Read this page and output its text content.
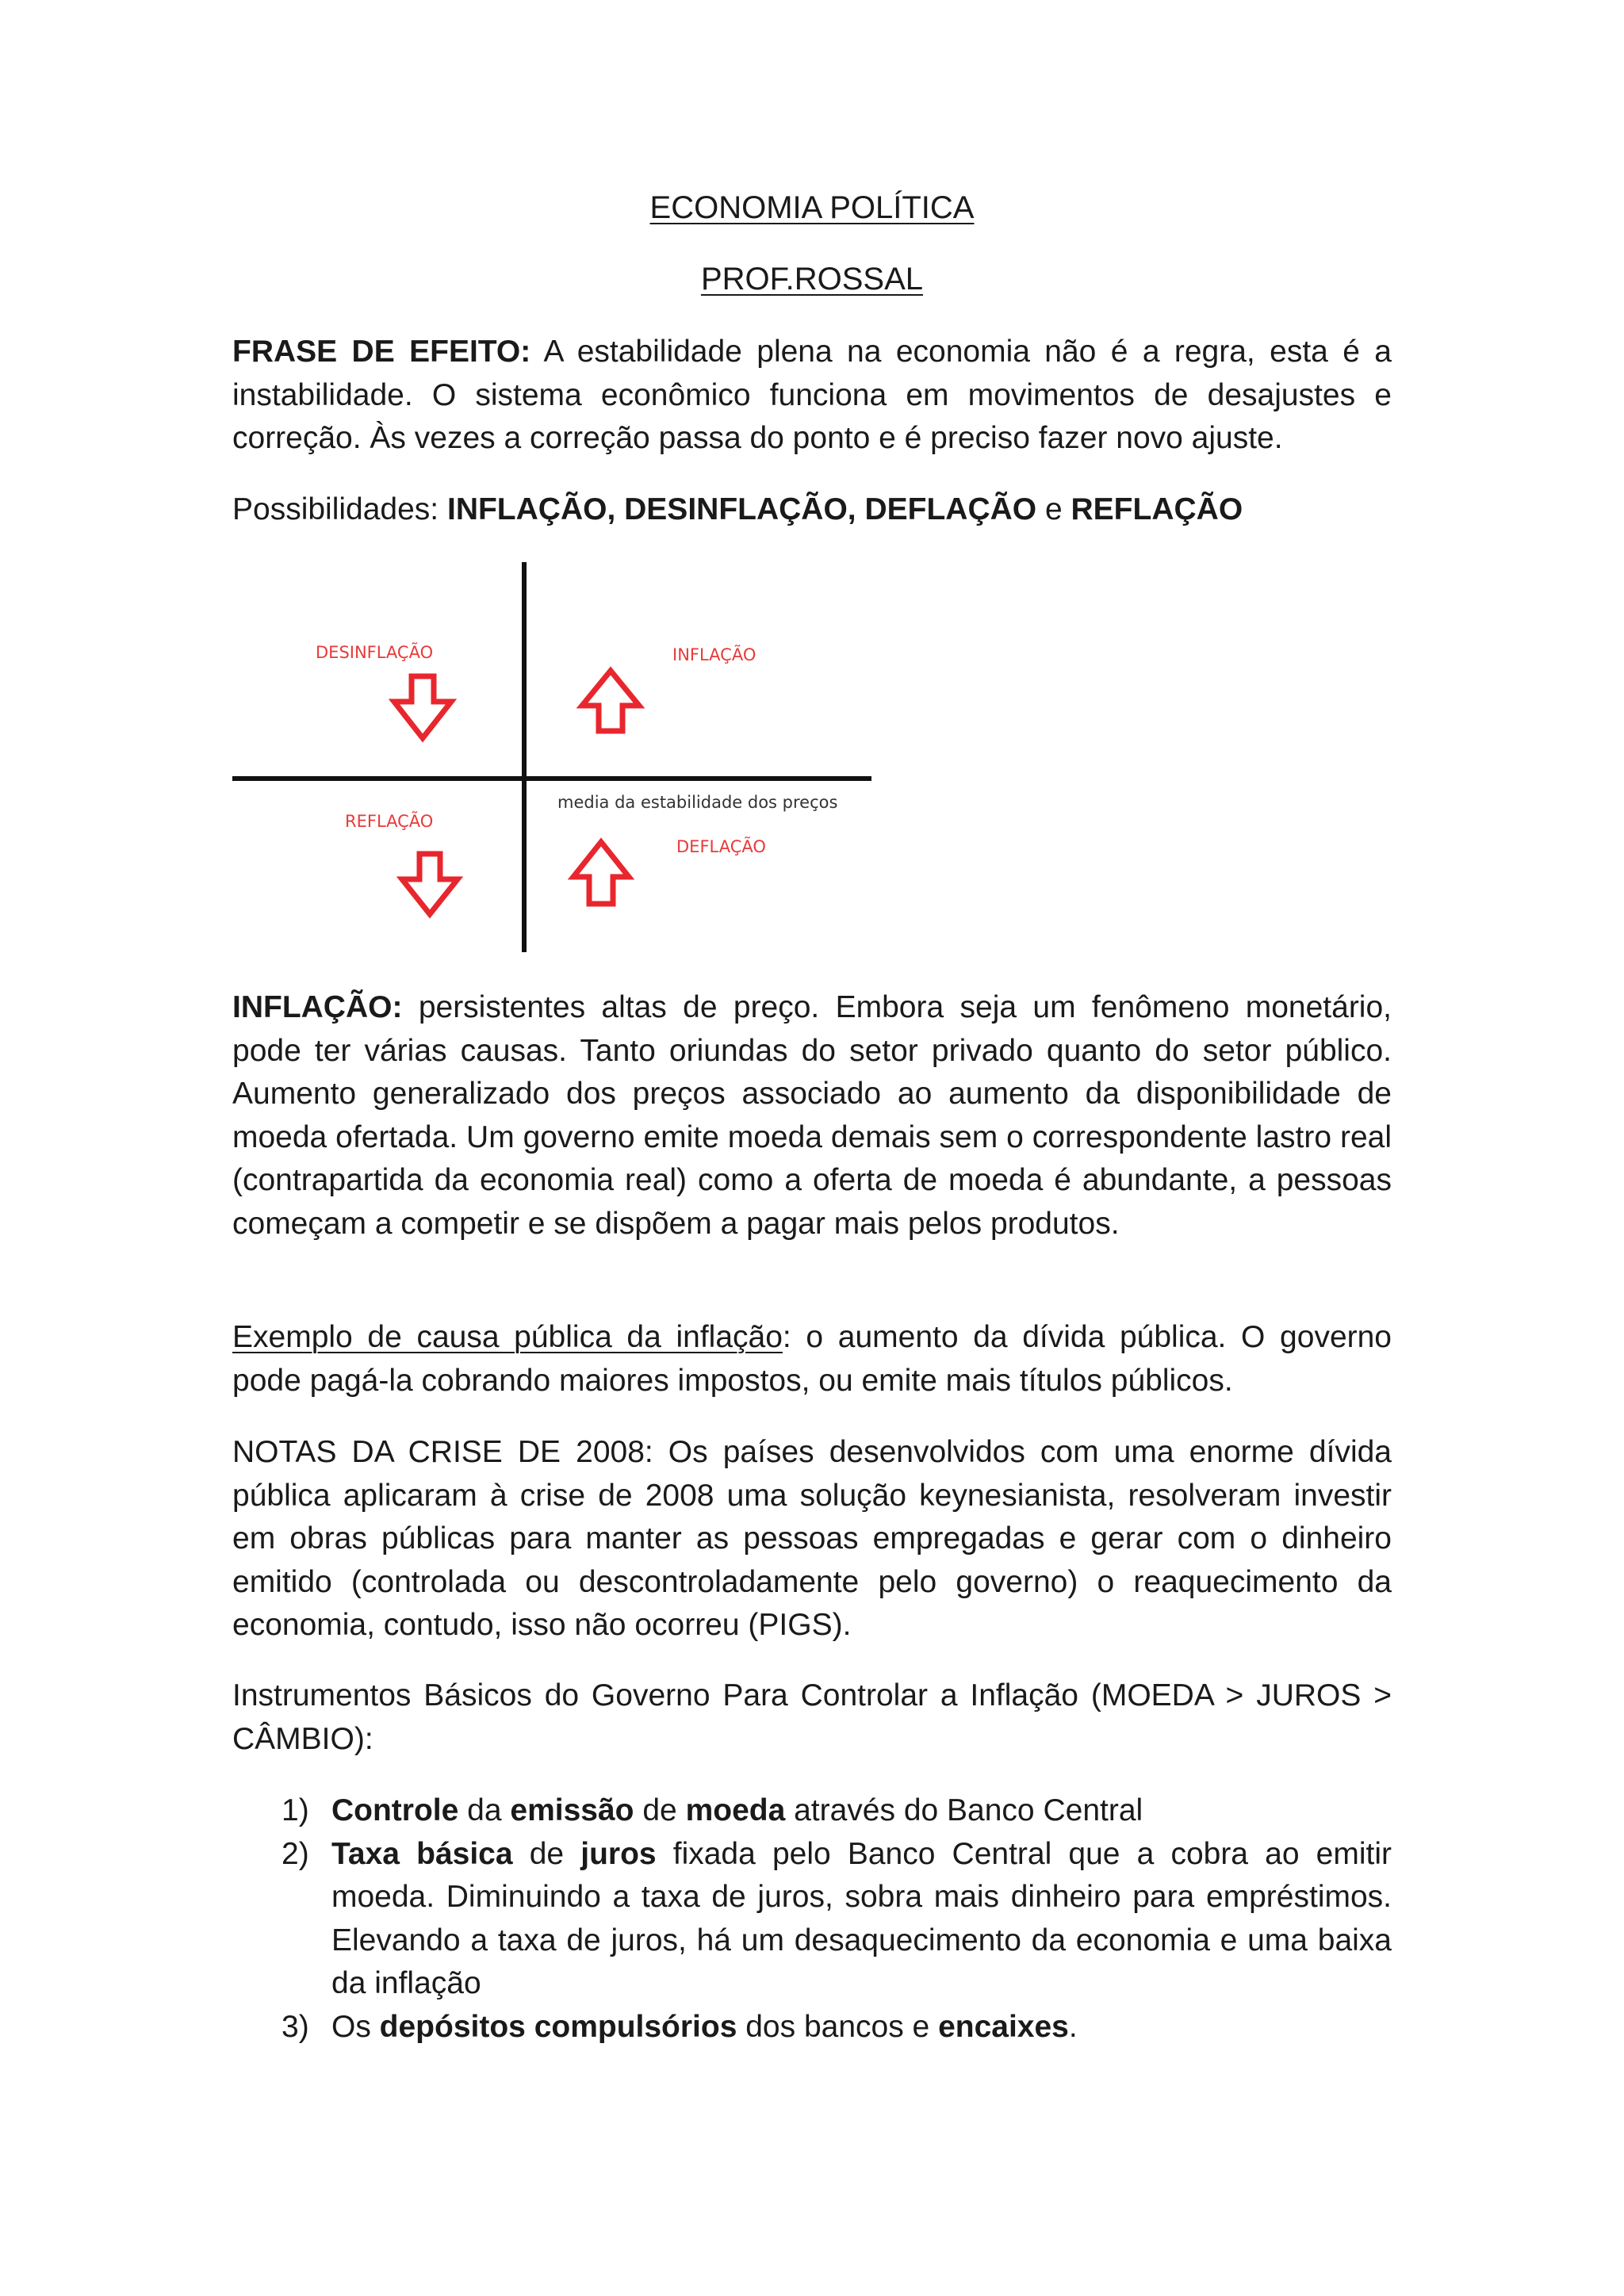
ECONOMIA POLÍTICA
PROF.ROSSAL

FRASE DE EFEITO: A estabilidade plena na economia não é a regra, esta é a instabilidade. O sistema econômico funciona em movimentos de desajustes e correção. Às vezes a correção passa do ponto e é preciso fazer novo ajuste.

Possibilidades: INFLAÇÃO, DESINFLAÇÃO, DEFLAÇÃO e REFLAÇÃO

DESINFLAÇÃO	INFLAÇÃO
REFLAÇÃO
DEFLAÇÃO
media da estabilidade dos preços

INFLAÇÃO: persistentes altas de preço. Embora seja um fenômeno monetário, pode ter várias causas. Tanto oriundas do setor privado quanto do setor público. Aumento generalizado dos preços associado ao aumento da disponibilidade de moeda ofertada. Um governo emite moeda demais sem o correspondente lastro real (contrapartida da economia real) como a oferta de moeda é abundante, a pessoas começam a competir e se dispõem a pagar mais pelos produtos.

Exemplo de causa pública da inflação: o aumento da dívida pública. O governo pode pagá-la cobrando maiores impostos, ou emite mais títulos públicos.

NOTAS DA CRISE DE 2008: Os países desenvolvidos com uma enorme dívida pública aplicaram à crise de 2008 uma solução keynesianista, resolveram investir em obras públicas para manter as pessoas empregadas e gerar com o dinheiro emitido (controlada ou descontroladamente pelo governo) o reaquecimento da economia, contudo, isso não ocorreu (PIGS).

Instrumentos Básicos do Governo Para Controlar a Inflação (MOEDA > JUROS > CÂMBIO):

1) Controle da emissão de moeda através do Banco Central
2) Taxa básica de juros fixada pelo Banco Central que a cobra ao emitir moeda. Diminuindo a taxa de juros, sobra mais dinheiro para empréstimos. Elevando a taxa de juros, há um desaquecimento da economia e uma baixa da inflação
3) Os depósitos compulsórios dos bancos e encaixes.
